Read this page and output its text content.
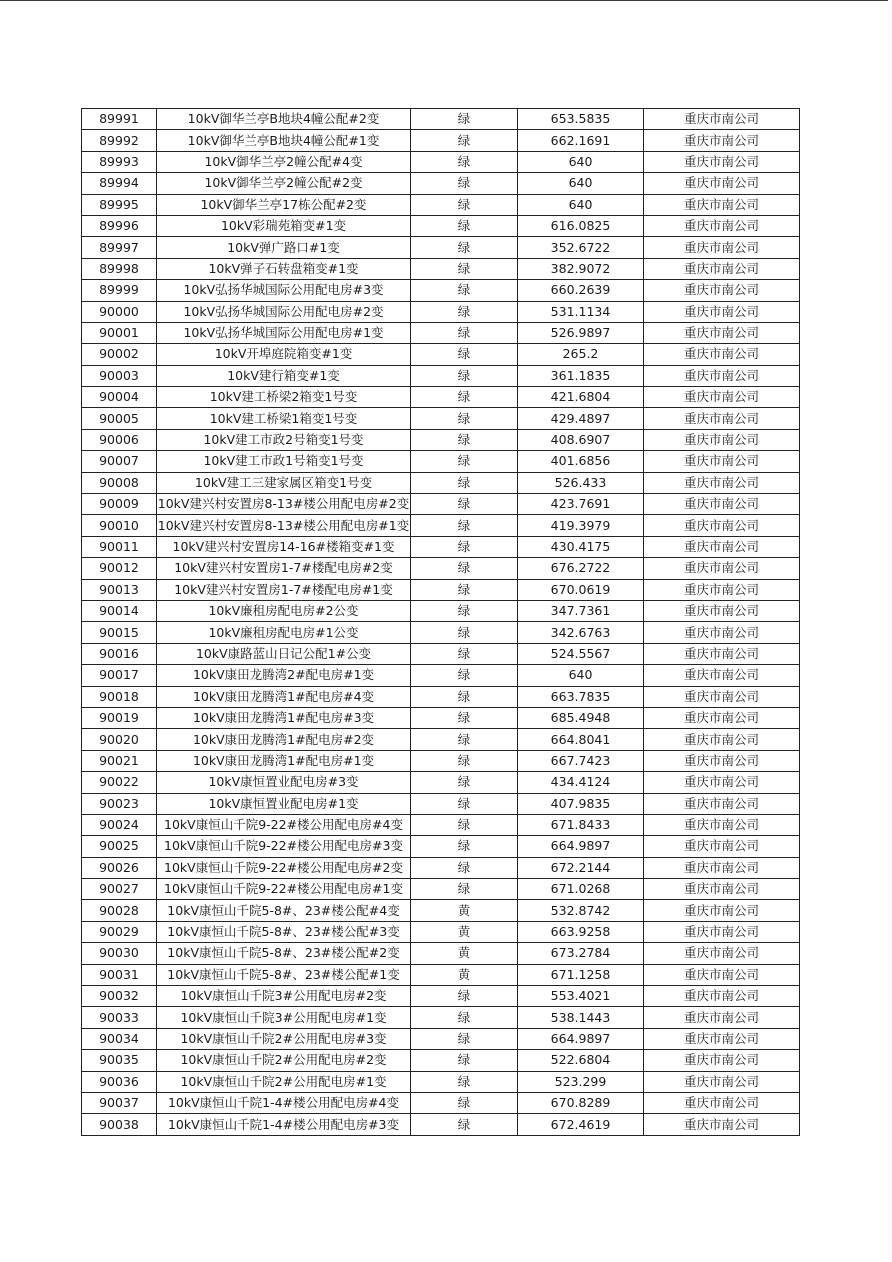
89991	10kV御华兰亭B地块4幢公配#2变	绿	653.5835	重庆市南公司
89992	10kV御华兰亭B地块4幢公配#1变	绿	662.1691	重庆市南公司
89993	10kV御华兰亭2幢公配#4变	绿	640	重庆市南公司
89994	10kV御华兰亭2幢公配#2变	绿	640	重庆市南公司
89995	10kV御华兰亭17栋公配#2变	绿	640	重庆市南公司
89996	10kV彩瑞苑箱变#1变	绿	616.0825	重庆市南公司
89997	10kV弹广路口#1变	绿	352.6722	重庆市南公司
89998	10kV弹子石转盘箱变#1变	绿	382.9072	重庆市南公司
89999	10kV弘扬华城国际公用配电房#3变	绿	660.2639	重庆市南公司
90000	10kV弘扬华城国际公用配电房#2变	绿	531.1134	重庆市南公司
90001	10kV弘扬华城国际公用配电房#1变	绿	526.9897	重庆市南公司
90002	10kV开埠庭院箱变#1变	绿	265.2	重庆市南公司
90003	10kV建行箱变#1变	绿	361.1835	重庆市南公司
90004	10kV建工桥梁2箱变1号变	绿	421.6804	重庆市南公司
90005	10kV建工桥梁1箱变1号变	绿	429.4897	重庆市南公司
90006	10kV建工市政2号箱变1号变	绿	408.6907	重庆市南公司
90007	10kV建工市政1号箱变1号变	绿	401.6856	重庆市南公司
90008	10kV建工三建家属区箱变1号变	绿	526.433	重庆市南公司
90009	10kV建兴村安置房8-13#楼公用配电房#2变	绿	423.7691	重庆市南公司
90010	10kV建兴村安置房8-13#楼公用配电房#1变	绿	419.3979	重庆市南公司
90011	10kV建兴村安置房14-16#楼箱变#1变	绿	430.4175	重庆市南公司
90012	10kV建兴村安置房1-7#楼配电房#2变	绿	676.2722	重庆市南公司
90013	10kV建兴村安置房1-7#楼配电房#1变	绿	670.0619	重庆市南公司
90014	10kV廉租房配电房#2公变	绿	347.7361	重庆市南公司
90015	10kV廉租房配电房#1公变	绿	342.6763	重庆市南公司
90016	10kV康路蓝山日记公配1#公变	绿	524.5567	重庆市南公司
90017	10kV康田龙腾湾2#配电房#1变	绿	640	重庆市南公司
90018	10kV康田龙腾湾1#配电房#4变	绿	663.7835	重庆市南公司
90019	10kV康田龙腾湾1#配电房#3变	绿	685.4948	重庆市南公司
90020	10kV康田龙腾湾1#配电房#2变	绿	664.8041	重庆市南公司
90021	10kV康田龙腾湾1#配电房#1变	绿	667.7423	重庆市南公司
90022	10kV康恒置业配电房#3变	绿	434.4124	重庆市南公司
90023	10kV康恒置业配电房#1变	绿	407.9835	重庆市南公司
90024	10kV康恒山千院9-22#楼公用配电房#4变	绿	671.8433	重庆市南公司
90025	10kV康恒山千院9-22#楼公用配电房#3变	绿	664.9897	重庆市南公司
90026	10kV康恒山千院9-22#楼公用配电房#2变	绿	672.2144	重庆市南公司
90027	10kV康恒山千院9-22#楼公用配电房#1变	绿	671.0268	重庆市南公司
90028	10kV康恒山千院5-8#、23#楼公配#4变	黄	532.8742	重庆市南公司
90029	10kV康恒山千院5-8#、23#楼公配#3变	黄	663.9258	重庆市南公司
90030	10kV康恒山千院5-8#、23#楼公配#2变	黄	673.2784	重庆市南公司
90031	10kV康恒山千院5-8#、23#楼公配#1变	黄	671.1258	重庆市南公司
90032	10kV康恒山千院3#公用配电房#2变	绿	553.4021	重庆市南公司
90033	10kV康恒山千院3#公用配电房#1变	绿	538.1443	重庆市南公司
90034	10kV康恒山千院2#公用配电房#3变	绿	664.9897	重庆市南公司
90035	10kV康恒山千院2#公用配电房#2变	绿	522.6804	重庆市南公司
90036	10kV康恒山千院2#公用配电房#1变	绿	523.299	重庆市南公司
90037	10kV康恒山千院1-4#楼公用配电房#4变	绿	670.8289	重庆市南公司
90038	10kV康恒山千院1-4#楼公用配电房#3变	绿	672.4619	重庆市南公司
